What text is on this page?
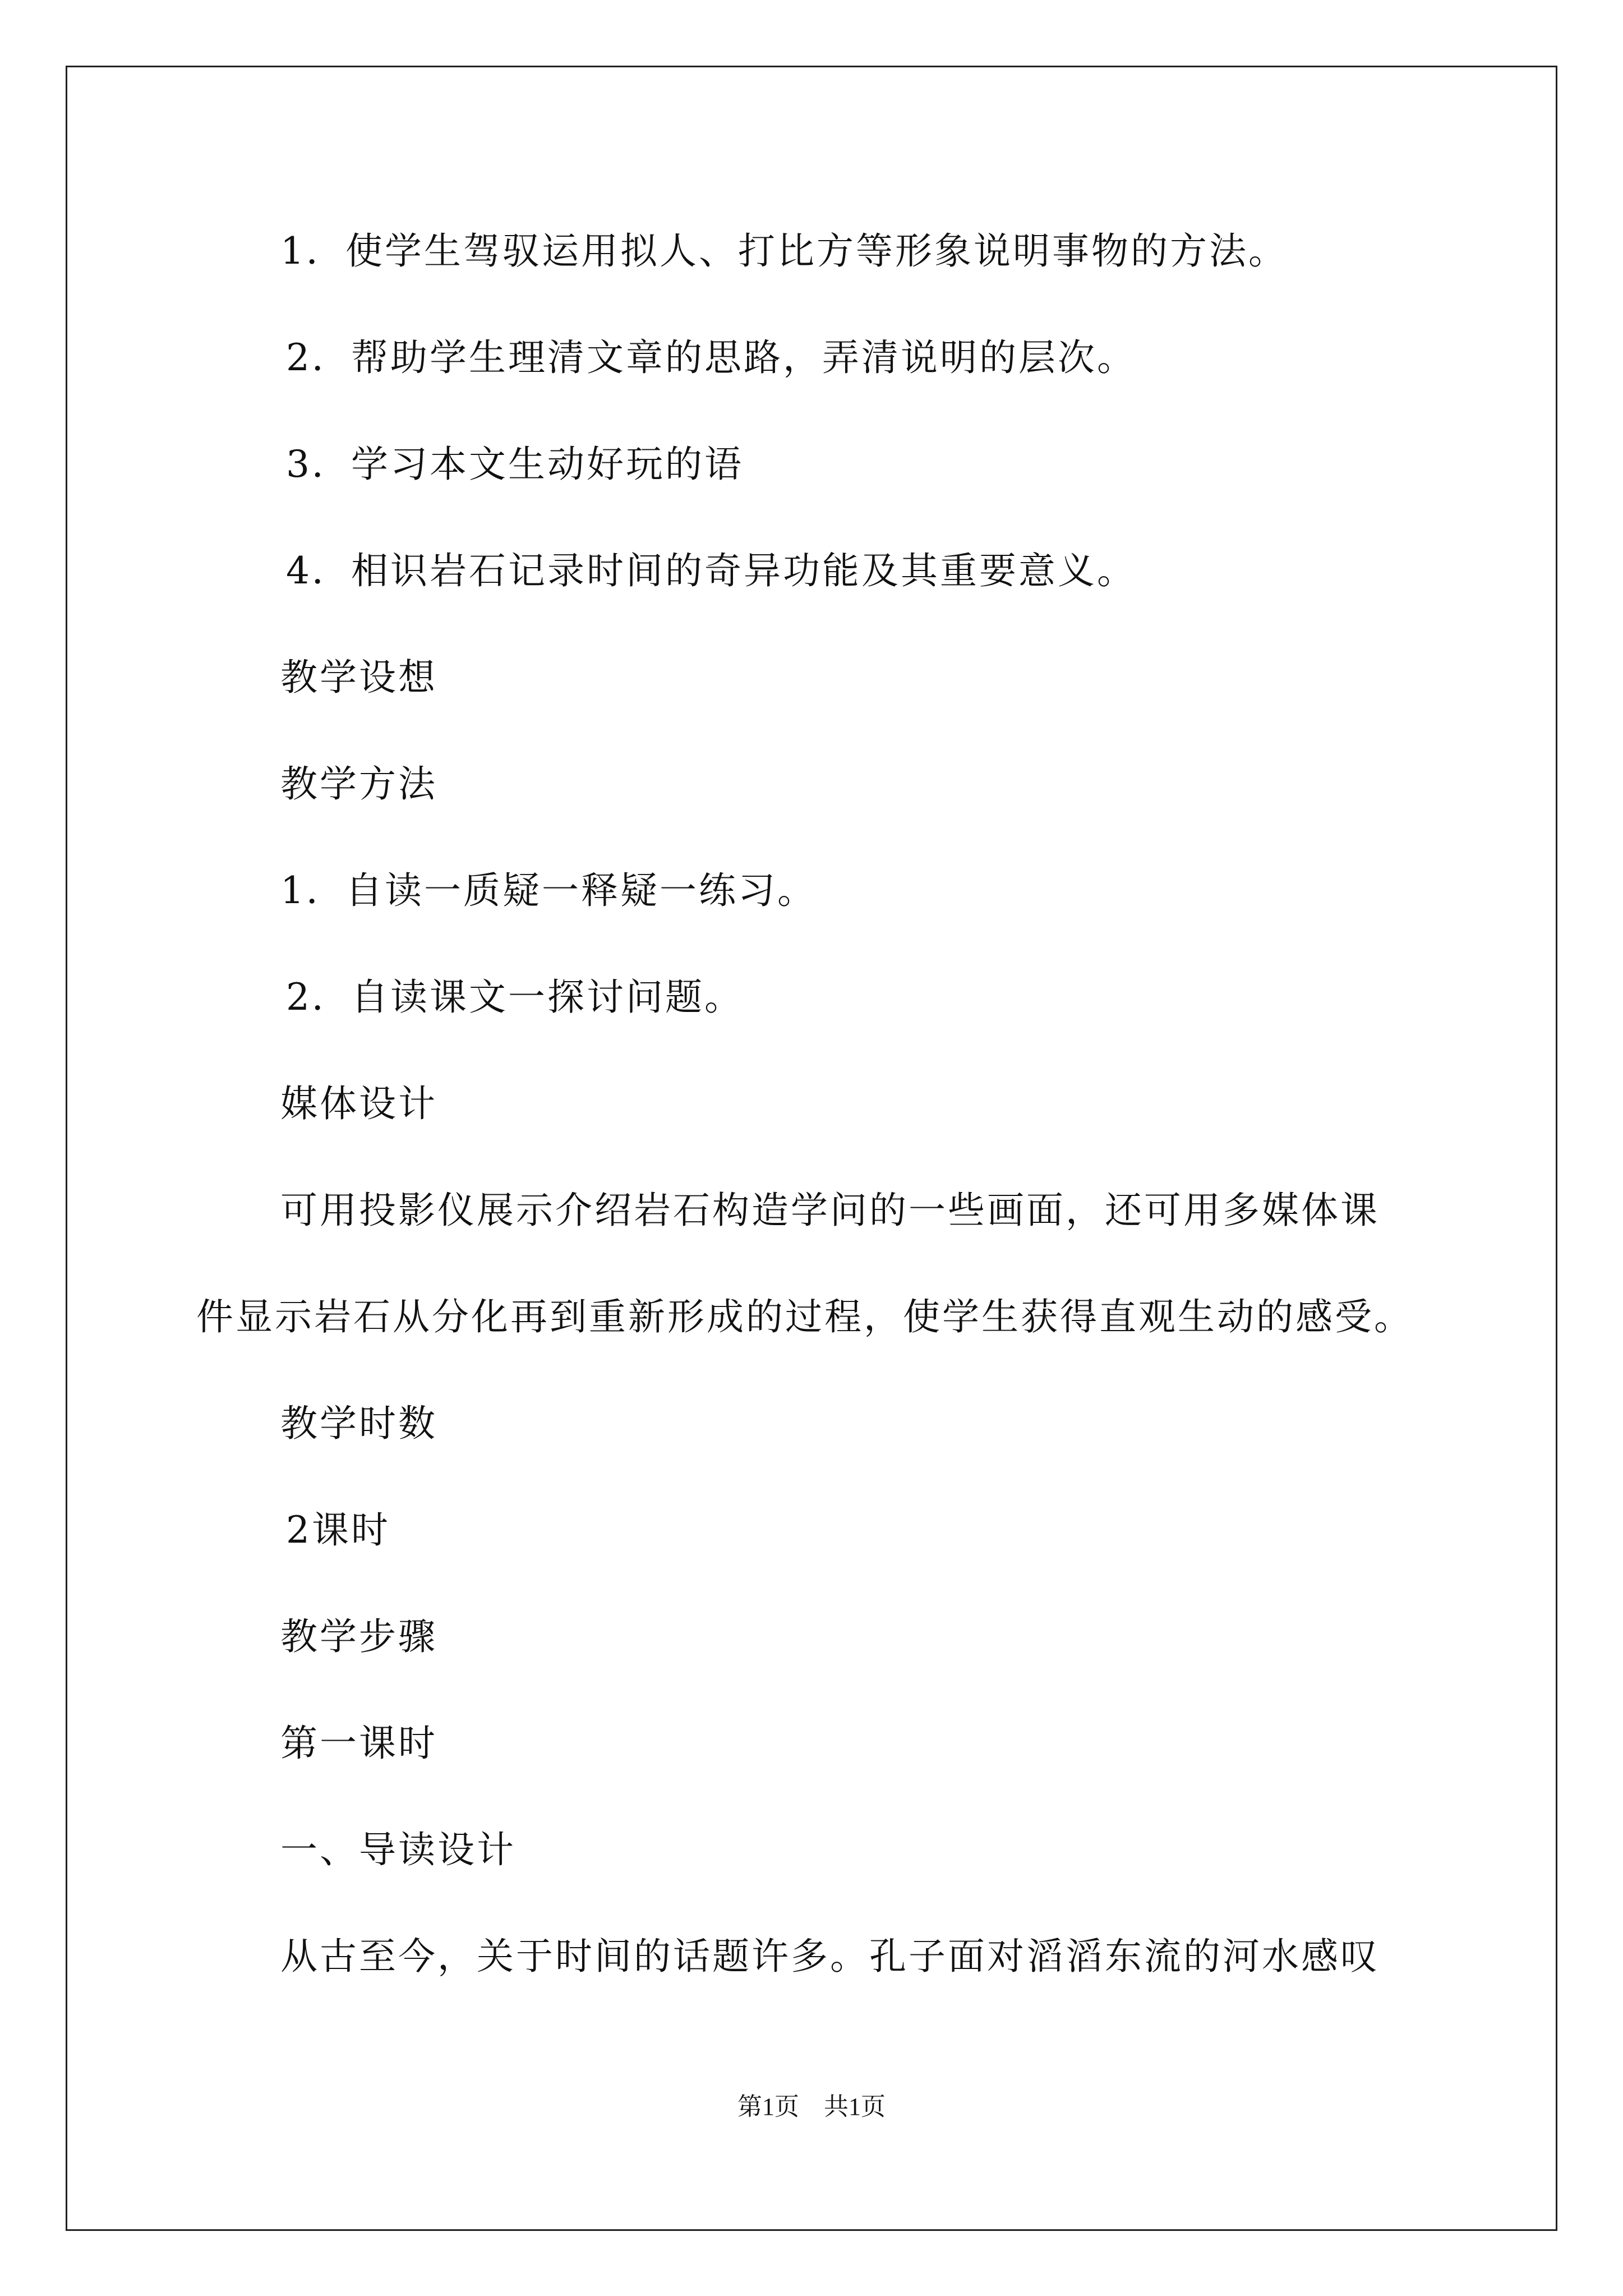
1．使学生驾驭运用拟人、打比方等形象说明事物的方法。
2．帮助学生理清文章的思路，弄清说明的层次。
3．学习本文生动好玩的语
4．相识岩石记录时间的奇异功能及其重要意义。
教学设想
教学方法
1．自读一质疑一释疑一练习。
2．自读课文一探讨问题。
媒体设计
可用投影仪展示介绍岩石构造学问的一些画面，还可用多媒体课
件显示岩石从分化再到重新形成的过程，使学生获得直观生动的感受。
教学时数
2课时
教学步骤
第一课时
一、导读设计
从古至今，关于时间的话题许多。孔子面对滔滔东流的河水感叹
第1页　共1页
